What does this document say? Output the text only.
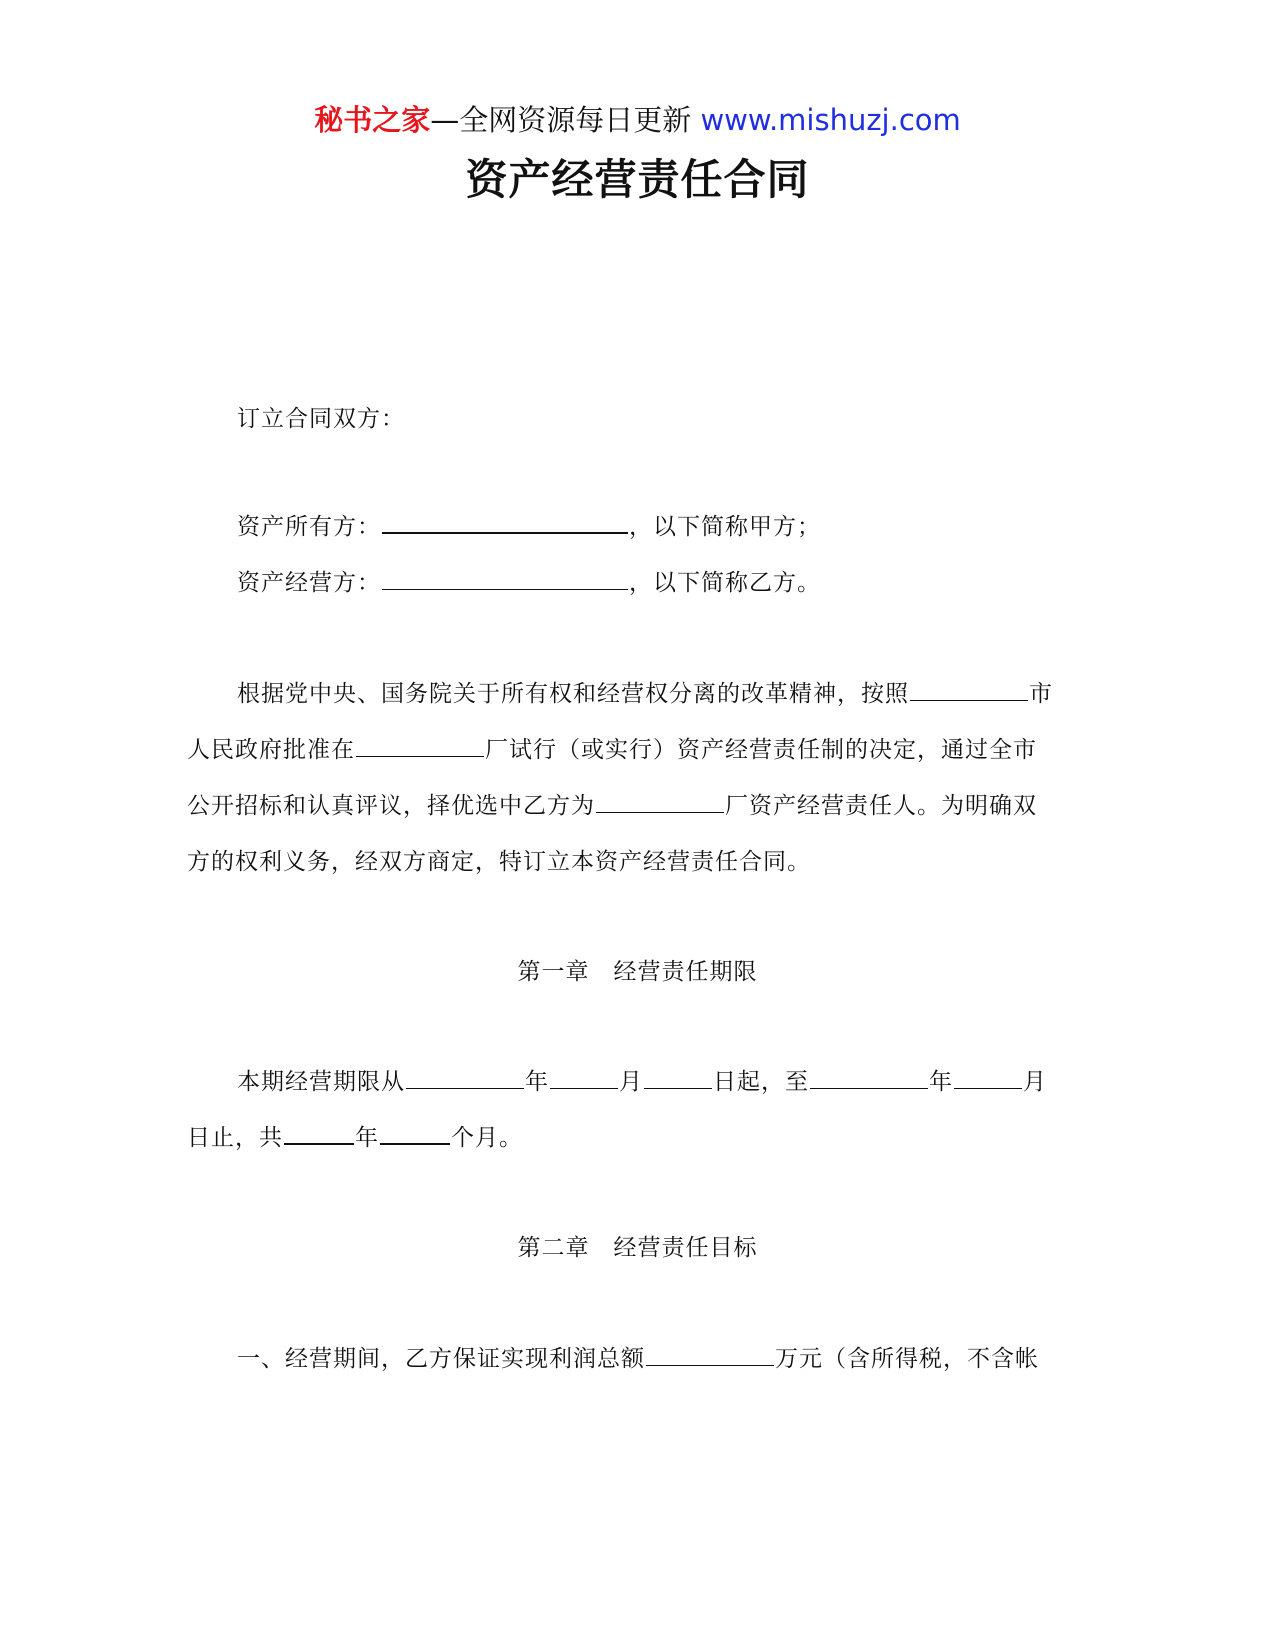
秘书之家—全网资源每日更新 www.mishuzj.com
资产经营责任合同
订立合同双方：
资产所有方：	，以下简称甲方；
资产经营方：	，以下简称乙方。
根据党中央、国务院关于所有权和经营权分离的改革精神，按照	市
人民政府批准在	厂试行（或实行）资产经营责任制的决定，通过全市
公开招标和认真评议，择优选中乙方为	厂资产经营责任人。为明确双
方的权利义务，经双方商定，特订立本资产经营责任合同。
第一章　经营责任期限
本期经营期限从	年	月	日起，至	年	月
日止，共	年	个月。
第二章　经营责任目标
一、经营期间，乙方保证实现利润总额	万元（含所得税，不含帐
